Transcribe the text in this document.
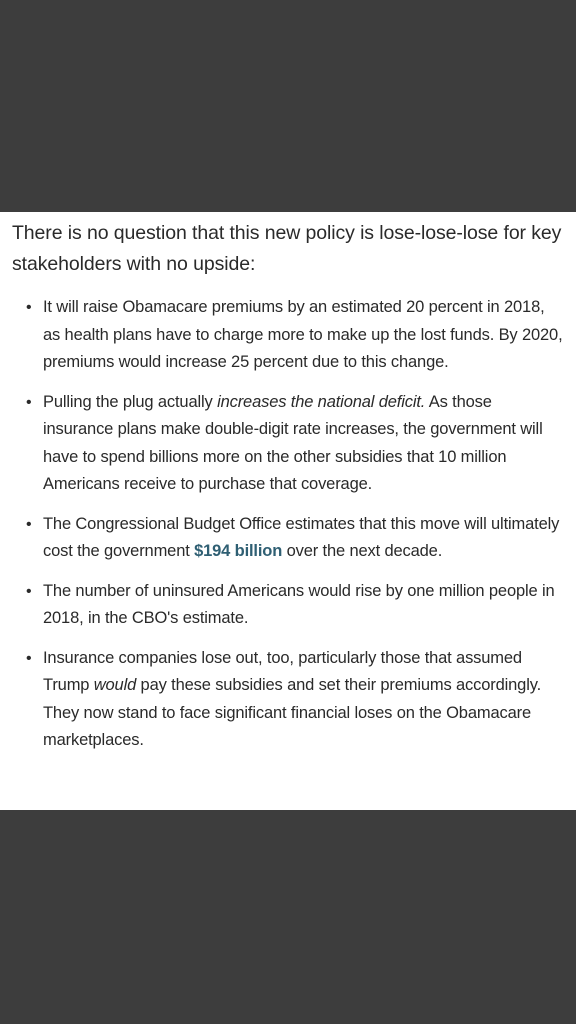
There is no question that this new policy is lose-lose-lose for key stakeholders with no upside:

• It will raise Obamacare premiums by an estimated 20 percent in 2018, as health plans have to charge more to make up the lost funds. By 2020, premiums would increase 25 percent due to this change.
• Pulling the plug actually increases the national deficit. As those insurance plans make double-digit rate increases, the government will have to spend billions more on the other subsidies that 10 million Americans receive to purchase that coverage.
• The Congressional Budget Office estimates that this move will ultimately cost the government $194 billion over the next decade.
• The number of uninsured Americans would rise by one million people in 2018, in the CBO's estimate.
• Insurance companies lose out, too, particularly those that assumed Trump would pay these subsidies and set their premiums accordingly. They now stand to face significant financial loses on the Obamacare marketplaces.
